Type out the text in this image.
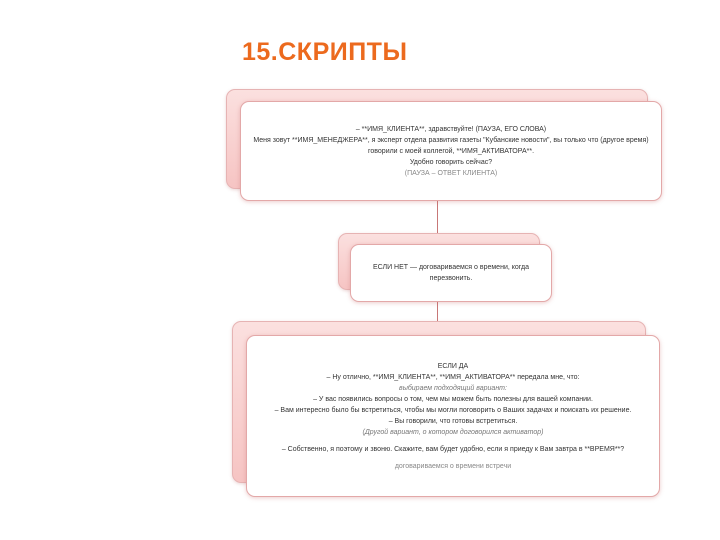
15.СКРИПТЫ
– **ИМЯ_КЛИЕНТА**, здравствуйте! (ПАУЗА, ЕГО СЛОВА)
Меня зовут **ИМЯ_МЕНЕДЖЕРА**, я эксперт отдела развития газеты "Кубанские новости", вы только что (другое время)
говорили с моей коллегой, **ИМЯ_АКТИВАТОРА**.
Удобно говорить сейчас?
(ПАУЗА – ОТВЕТ КЛИЕНТА)
ЕСЛИ НЕТ — договариваемся о времени, когда
перезвонить.
ЕСЛИ ДА
– Ну отлично, **ИМЯ_КЛИЕНТА**, **ИМЯ_АКТИВАТОРА** передала мне, что:
выбираем подходящий вариант:
– У вас появились вопросы о том, чем мы можем быть полезны для вашей компании.
– Вам интересно было бы встретиться, чтобы мы могли поговорить о Ваших задачах и поискать их решение.
– Вы говорили, что готовы встретиться.
(Другой вариант, о котором договорился активатор)
– Собственно, я поэтому и звоню. Скажите, вам будет удобно, если я приеду к Вам завтра в **ВРЕМЯ**?
договариваемся о времени встречи
